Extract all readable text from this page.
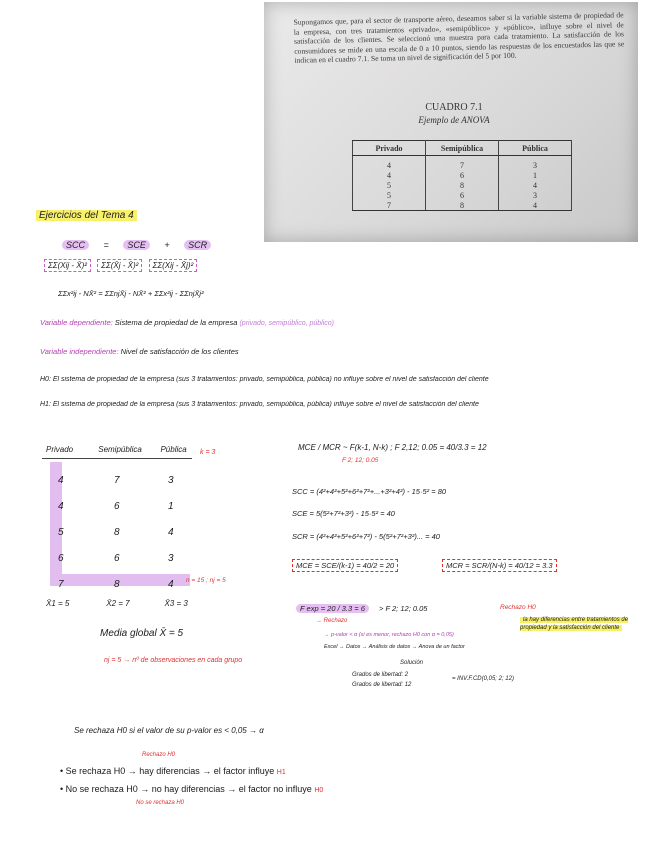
Supongamos que, para el sector de transporte aéreo, deseamos saber si la variable sistema de propiedad de la empresa, con tres tratamientos «privado», «semipúblico» y «público», influye sobre el nivel de satisfacción de los clientes. Se seleccionó una muestra para cada tratamiento. La satisfacción de los consumidores se mide en una escala de 0 a 10 puntos, siendo las respuestas de los encuestados las que se indican en el cuadro 7.1. Se toma un nivel de significación del 5 por 100.
CUADRO 7.1
Ejemplo de ANOVA
Privado	Semipública	Pública
4	7	3
4	6	1
5	8	4
5	6	3
7	8	4
Ejercicios del Tema 4
SCC = SCE + SCR
ΣΣ(Xij - X̄)² ΣΣ(X̄j - X̄)² ΣΣ(Xij - X̄j)²
ΣΣx²ij - NX̄² = ΣΣnjX̄j - NX̄² + ΣΣx²ij - ΣΣnjX̄j²
Variable dependiente: Sistema de propiedad de la empresa (privado, semipúblico, público)
Variable independiente: Nivel de satisfacción de los clientes
H0: El sistema de propiedad de la empresa (sus 3 tratamientos: privado, semipública, pública) no influye sobre el nivel de satisfacción del cliente
H1: El sistema de propiedad de la empresa (sus 3 tratamientos: privado, semipública, pública) influye sobre el nivel de satisfacción del cliente
Privado	Semipública Pública	k = 3
4	7	3
4	6	1
5	8	4
6	6	3
7	8	4 n = 15 ; nj = 5
X̄1 = 5	X̄2 = 7	X̄3 = 3
Media global X̄ = 5
nj = 5 → nº de observaciones en cada grupo
MCE / MCR ~ F(k-1, N-k) ; F 2,12; 0.05 = 40/3.3 = 12
F 2; 12; 0.05
SCC = (4²+4²+5²+6²+7²+...+3²+4²) - 15·5² = 80
SCE = 5(5²+7²+3²) - 15·5² = 40
SCR = (4²+4²+5²+6²+7²) - 5(5²+7²+3²)... = 40
MCE = SCE/(k-1) = 40/2 = 20	MCR = SCR/(N-k) = 40/12 = 3.3
F exp = 20 / 3.3 = 6 > F 2; 12; 0.05	Rechazo H0
la hay diferencias entre tratamientos de propiedad y la satisfacción del cliente
→ Rechazo
→ p-valor < α (si es menor, rechazo H0 con α = 0,05)
Excel → Datos → Análisis de datos → Anova de un factor
Solución
Grados de libertad: 2
Grados de libertad: 12
= INV.F.CD(0,05; 2; 12)
Se rechaza H0 si el valor de su p-valor es < 0,05 → α
Rechazo H0
• Se rechaza H0 → hay diferencias → el factor influye H1
• No se rechaza H0 → no hay diferencias → el factor no influye H0
No se rechaza H0
